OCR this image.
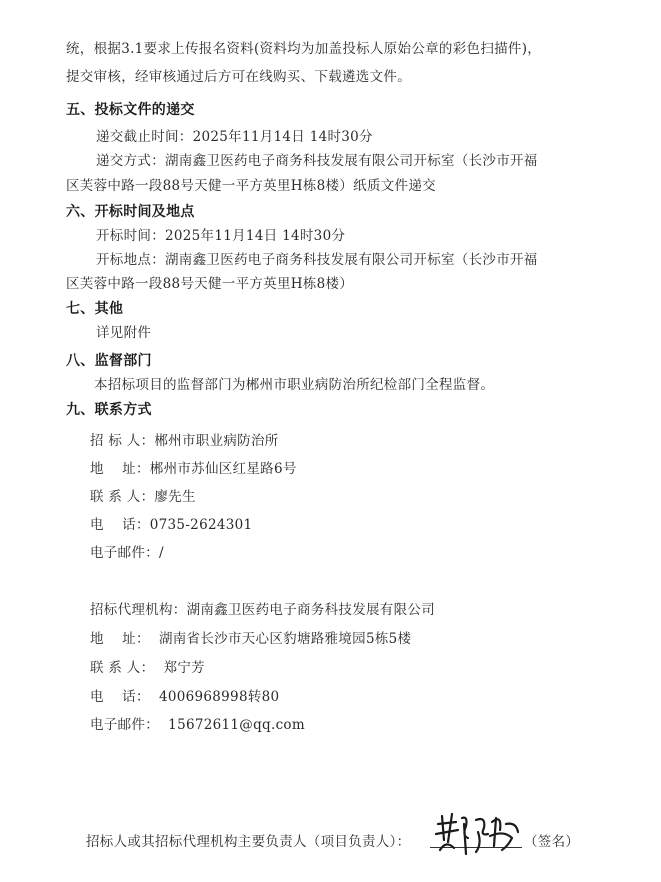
统，根据3.1要求上传报名资料(资料均为加盖投标人原始公章的彩色扫描件)，
提交审核，经审核通过后方可在线购买、下载遴选文件。
五、投标文件的递交
递交截止时间：2025年11月14日 14时30分
递交方式：湖南鑫卫医药电子商务科技发展有限公司开标室（长沙市开福
区芙蓉中路一段88号天健一平方英里H栋8楼）纸质文件递交
六、开标时间及地点
开标时间：2025年11月14日 14时30分
开标地点：湖南鑫卫医药电子商务科技发展有限公司开标室（长沙市开福
区芙蓉中路一段88号天健一平方英里H栋8楼）
七、其他
详见附件
八、监督部门
本招标项目的监督部门为郴州市职业病防治所纪检部门全程监督。
九、联系方式
招 标 人：郴州市职业病防治所
地    址：郴州市苏仙区红星路6号
联 系 人：廖先生
电    话：0735-2624301
电子邮件：/
招标代理机构：湖南鑫卫医药电子商务科技发展有限公司
地    址：  湖南省长沙市天心区豹塘路雅境园5栋5楼
联 系 人：  郑宁芳
电    话：  4006968998转80
电子邮件：  15672611@qq.com
招标人或其招标代理机构主要负责人（项目负责人）：	（签名）
